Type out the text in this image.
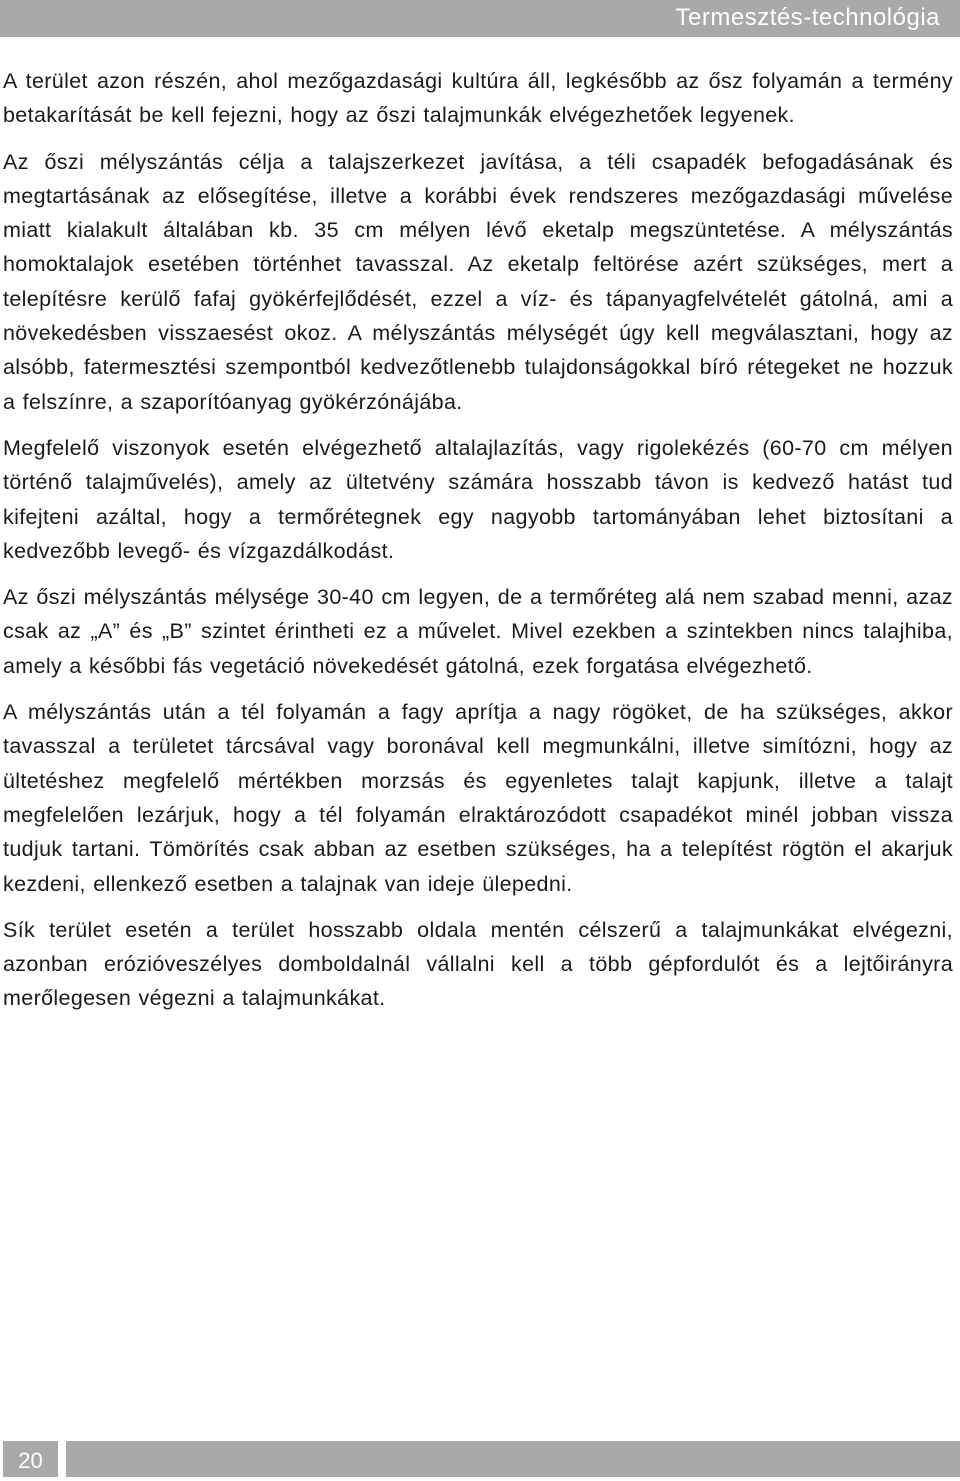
Termesztés-technológia

A terület azon részén, ahol mezőgazdasági kultúra áll, legkésőbb az ősz folyamán a termény betakarítását be kell fejezni, hogy az őszi talajmunkák elvégezhetőek legyenek.

Az őszi mélyszántás célja a talajszerkezet javítása, a téli csapadék befogadásának és megtartásának az elősegítése, illetve a korábbi évek rendszeres mezőgazdasági művelése miatt kialakult általában kb. 35 cm mélyen lévő eketalp megszüntetése. A mélyszántás homoktalajok esetében történhet tavasszal. Az eketalp feltörése azért szükséges, mert a telepítésre kerülő fafaj gyökérfejlődését, ezzel a víz- és tápanyagfelvételét gátolná, ami a növekedésben visszaesést okoz. A mélyszántás mélységét úgy kell megválasztani, hogy az alsóbb, fatermesztési szempontból kedvezőtlenebb tulajdonságokkal bíró rétegeket ne hozzuk a felszínre, a szaporítóanyag gyökérzónájába.

Megfelelő viszonyok esetén elvégezhető altalajlazítás, vagy rigolekézés (60-70 cm mélyen történő talajművelés), amely az ültetvény számára hosszabb távon is kedvező hatást tud kifejteni azáltal, hogy a termőrétegnek egy nagyobb tartományában lehet biztosítani a kedvezőbb levegő- és vízgazdálkodást.

Az őszi mélyszántás mélysége 30-40 cm legyen, de a termőréteg alá nem szabad menni, azaz csak az „A” és „B” szintet érintheti ez a művelet. Mivel ezekben a szintekben nincs talajhiba, amely a későbbi fás vegetáció növekedését gátolná, ezek forgatása elvégezhető.

A mélyszántás után a tél folyamán a fagy aprítja a nagy rögöket, de ha szükséges, akkor tavasszal a területet tárcsával vagy boronával kell megmunkálni, illetve simítózni, hogy az ültetéshez megfelelő mértékben morzsás és egyenletes talajt kapjunk, illetve a talajt megfelelően lezárjuk, hogy a tél folyamán elraktározódott csapadékot minél jobban vissza tudjuk tartani. Tömörítés csak abban az esetben szükséges, ha a telepítést rögtön el akarjuk kezdeni, ellenkező esetben a talajnak van ideje ülepedni.

Sík terület esetén a terület hosszabb oldala mentén célszerű a talajmunkákat elvégezni, azonban erózióveszélyes domboldalnál vállalni kell a több gépfordulót és a lejtőirányra merőlegesen végezni a talajmunkákat.

20
